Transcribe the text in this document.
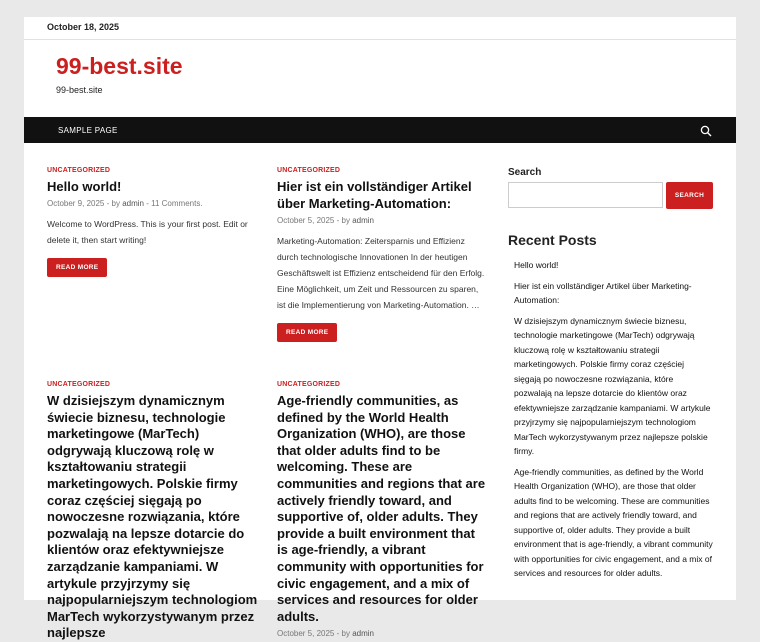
October 18, 2025
99-best.site
99-best.site
SAMPLE PAGE
UNCATEGORIZED
Hello world!
October 9, 2025 - by admin - 11 Comments.
Welcome to WordPress. This is your first post. Edit or delete it, then start writing!
READ MORE
UNCATEGORIZED
Hier ist ein vollständiger Artikel über Marketing-Automation:
October 5, 2025 - by admin
Marketing-Automation: Zeitersparnis und Effizienz durch technologische Innovationen In der heutigen Geschäftswelt ist Effizienz entscheidend für den Erfolg. Eine Möglichkeit, um Zeit und Ressourcen zu sparen, ist die Implementierung von Marketing-Automation. …
READ MORE
UNCATEGORIZED
W dzisiejszym dynamicznym świecie biznesu, technologie marketingowe (MarTech) odgrywają kluczową rolę w kształtowaniu strategii marketingowych. Polskie firmy coraz częściej sięgają po nowoczesne rozwiązania, które pozwalają na lepsze dotarcie do klientów oraz efektywniejsze zarządzanie kampaniami. W artykule przyjrzymy się najpopularniejszym technologiom MarTech wykorzystywanym przez najlepsze
UNCATEGORIZED
Age-friendly communities, as defined by the World Health Organization (WHO), are those that older adults find to be welcoming. These are communities and regions that are actively friendly toward, and supportive of, older adults. They provide a built environment that is age-friendly, a vibrant community with opportunities for civic engagement, and a mix of services and resources for older adults.
October 5, 2025 - by admin
Search
SEARCH
Recent Posts
Hello world!
Hier ist ein vollständiger Artikel über Marketing-Automation:
W dzisiejszym dynamicznym świecie biznesu, technologie marketingowe (MarTech) odgrywają kluczową rolę w kształtowaniu strategii marketingowych. Polskie firmy coraz częściej sięgają po nowoczesne rozwiązania, które pozwalają na lepsze dotarcie do klientów oraz efektywniejsze zarządzanie kampaniami. W artykule przyjrzymy się najpopularniejszym technologiom MarTech wykorzystywanym przez najlepsze polskie firmy.
Age-friendly communities, as defined by the World Health Organization (WHO), are those that older adults find to be welcoming. These are communities and regions that are actively friendly toward, and supportive of, older adults. They provide a built environment that is age-friendly, a vibrant community with opportunities for civic engagement, and a mix of services and resources for older adults.
